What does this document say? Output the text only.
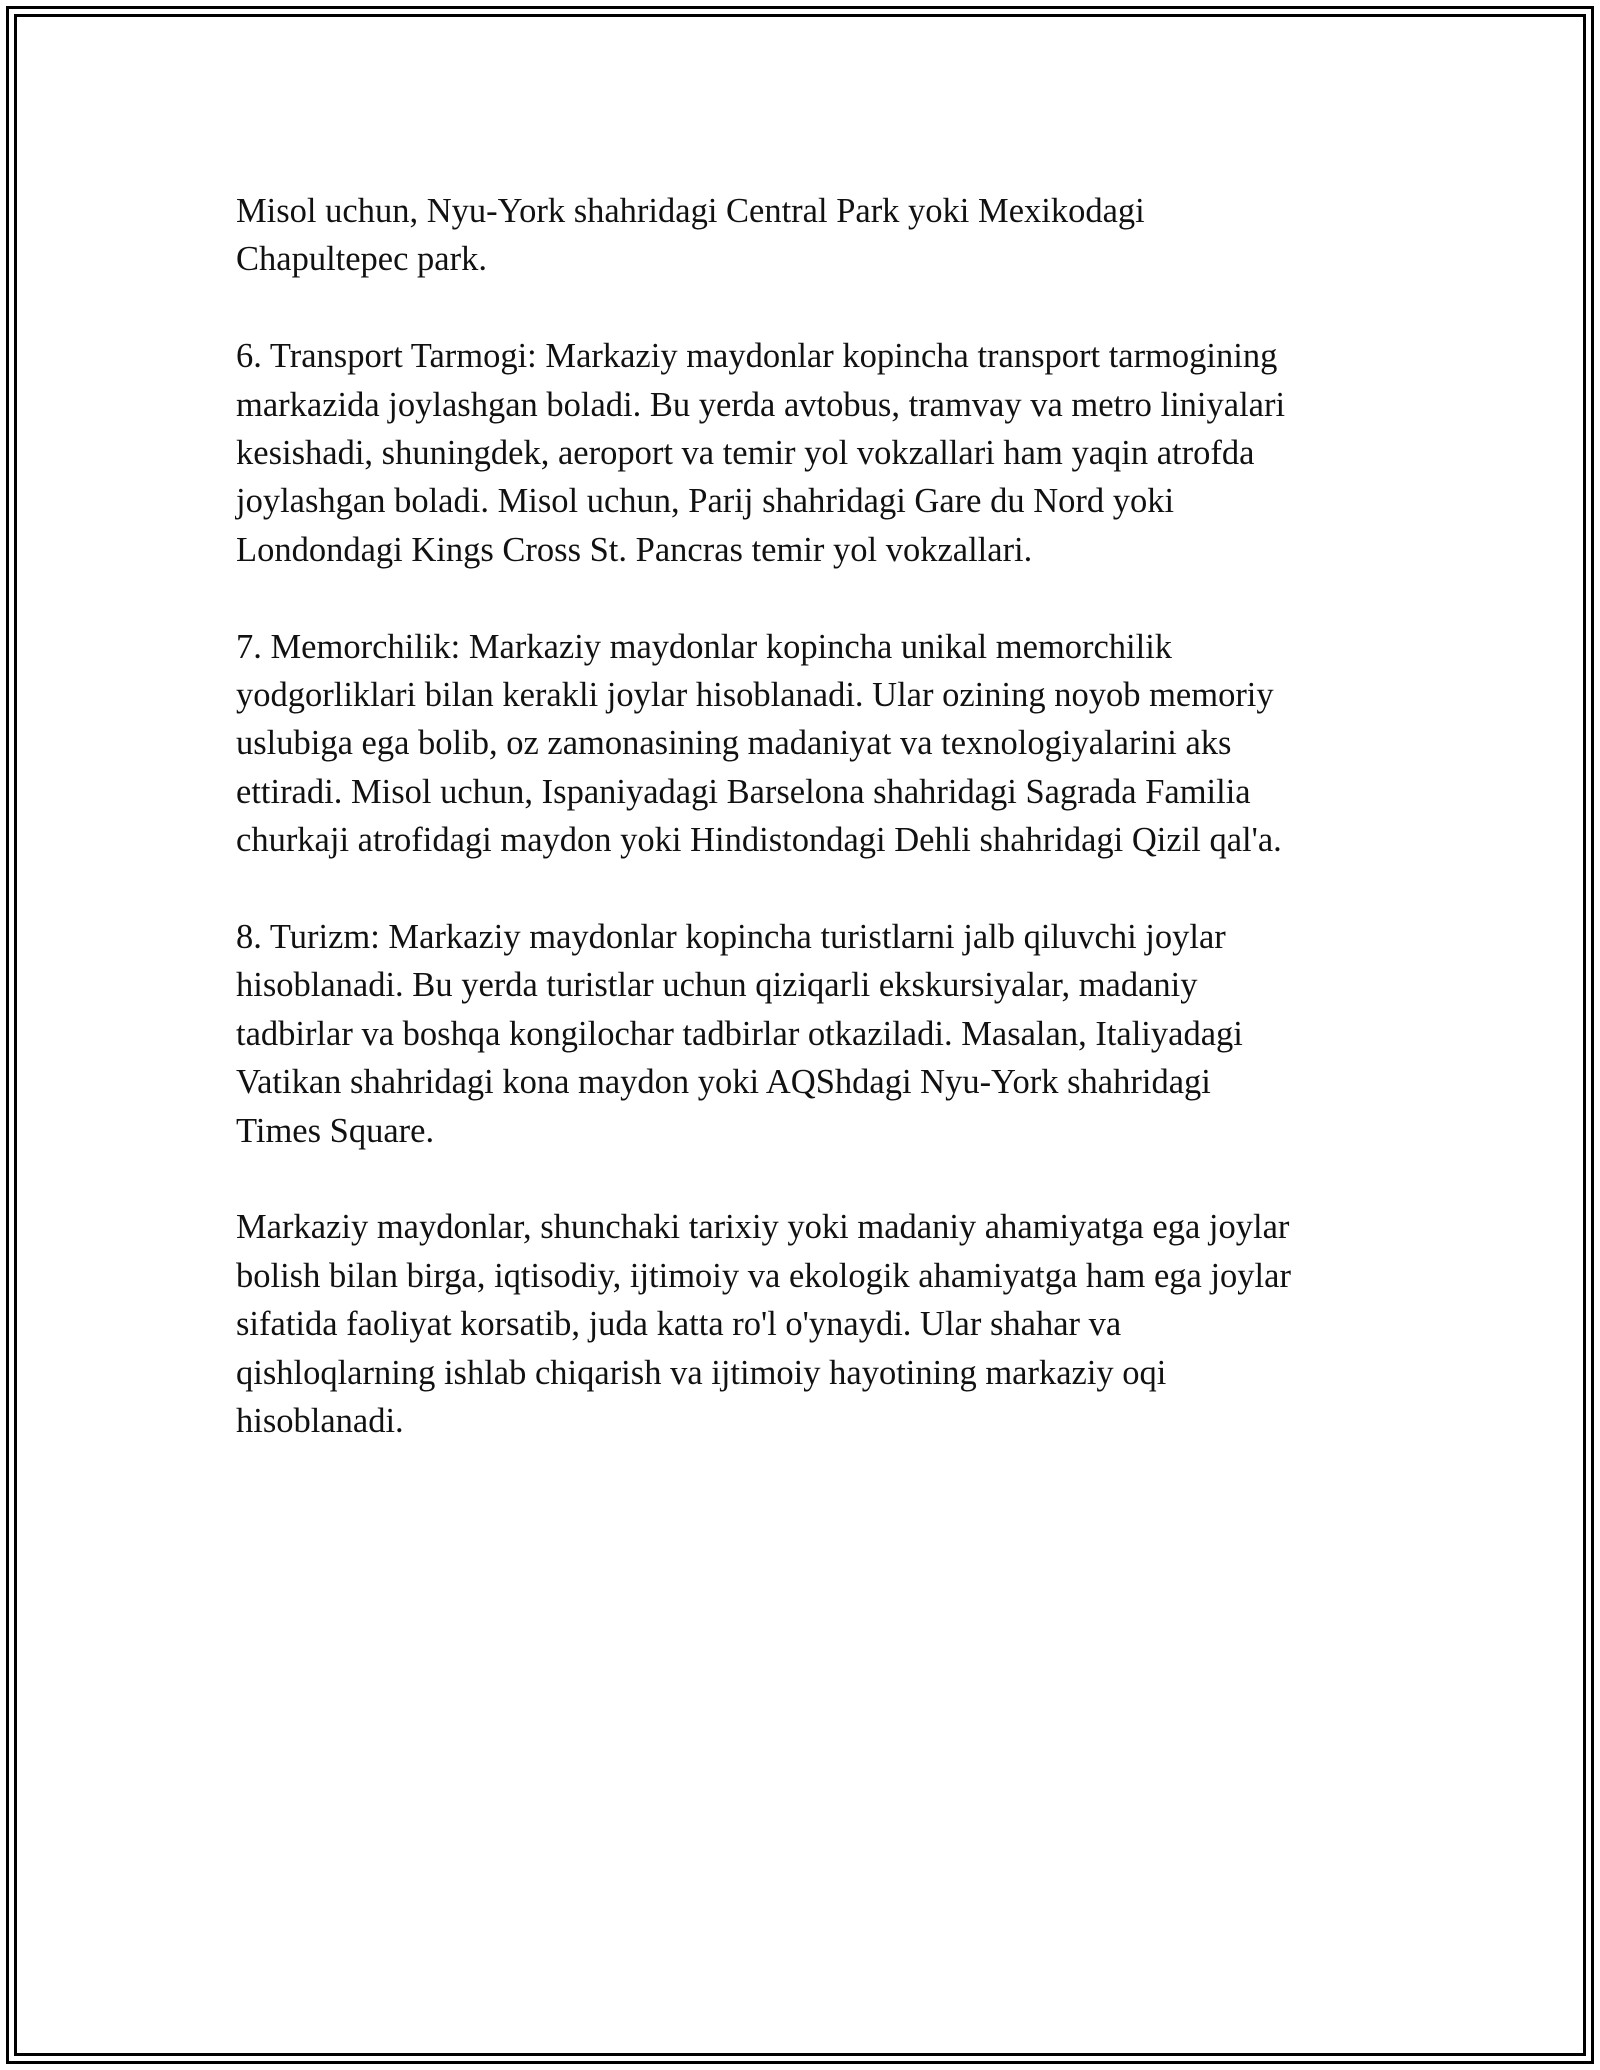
Misol uchun, Nyu-York shahridagi Central Park yoki Mexikodagi
Chapultepec park.

6. Transport Tarmogi: Markaziy maydonlar kopincha transport tarmogining
markazida joylashgan boladi. Bu yerda avtobus, tramvay va metro liniyalari
kesishadi, shuningdek, aeroport va temir yol vokzallari ham yaqin atrofda
joylashgan boladi. Misol uchun, Parij shahridagi Gare du Nord yoki
Londondagi Kings Cross St. Pancras temir yol vokzallari.

7. Memorchilik: Markaziy maydonlar kopincha unikal memorchilik
yodgorliklari bilan kerakli joylar hisoblanadi. Ular ozining noyob memoriy
uslubiga ega bolib, oz zamonasining madaniyat va texnologiyalarini aks
ettiradi. Misol uchun, Ispaniyadagi Barselona shahridagi Sagrada Familia
churkaji atrofidagi maydon yoki Hindistondagi Dehli shahridagi Qizil qal'a.

8. Turizm: Markaziy maydonlar kopincha turistlarni jalb qiluvchi joylar
hisoblanadi. Bu yerda turistlar uchun qiziqarli ekskursiyalar, madaniy
tadbirlar va boshqa kongilochar tadbirlar otkaziladi. Masalan, Italiyadagi
Vatikan shahridagi kona maydon yoki AQShdagi Nyu-York shahridagi
Times Square.

Markaziy maydonlar, shunchaki tarixiy yoki madaniy ahamiyatga ega joylar
bolish bilan birga, iqtisodiy, ijtimoiy va ekologik ahamiyatga ham ega joylar
sifatida faoliyat korsatib, juda katta ro'l o'ynaydi. Ular shahar va
qishloqlarning ishlab chiqarish va ijtimoiy hayotining markaziy oqi
hisoblanadi.
